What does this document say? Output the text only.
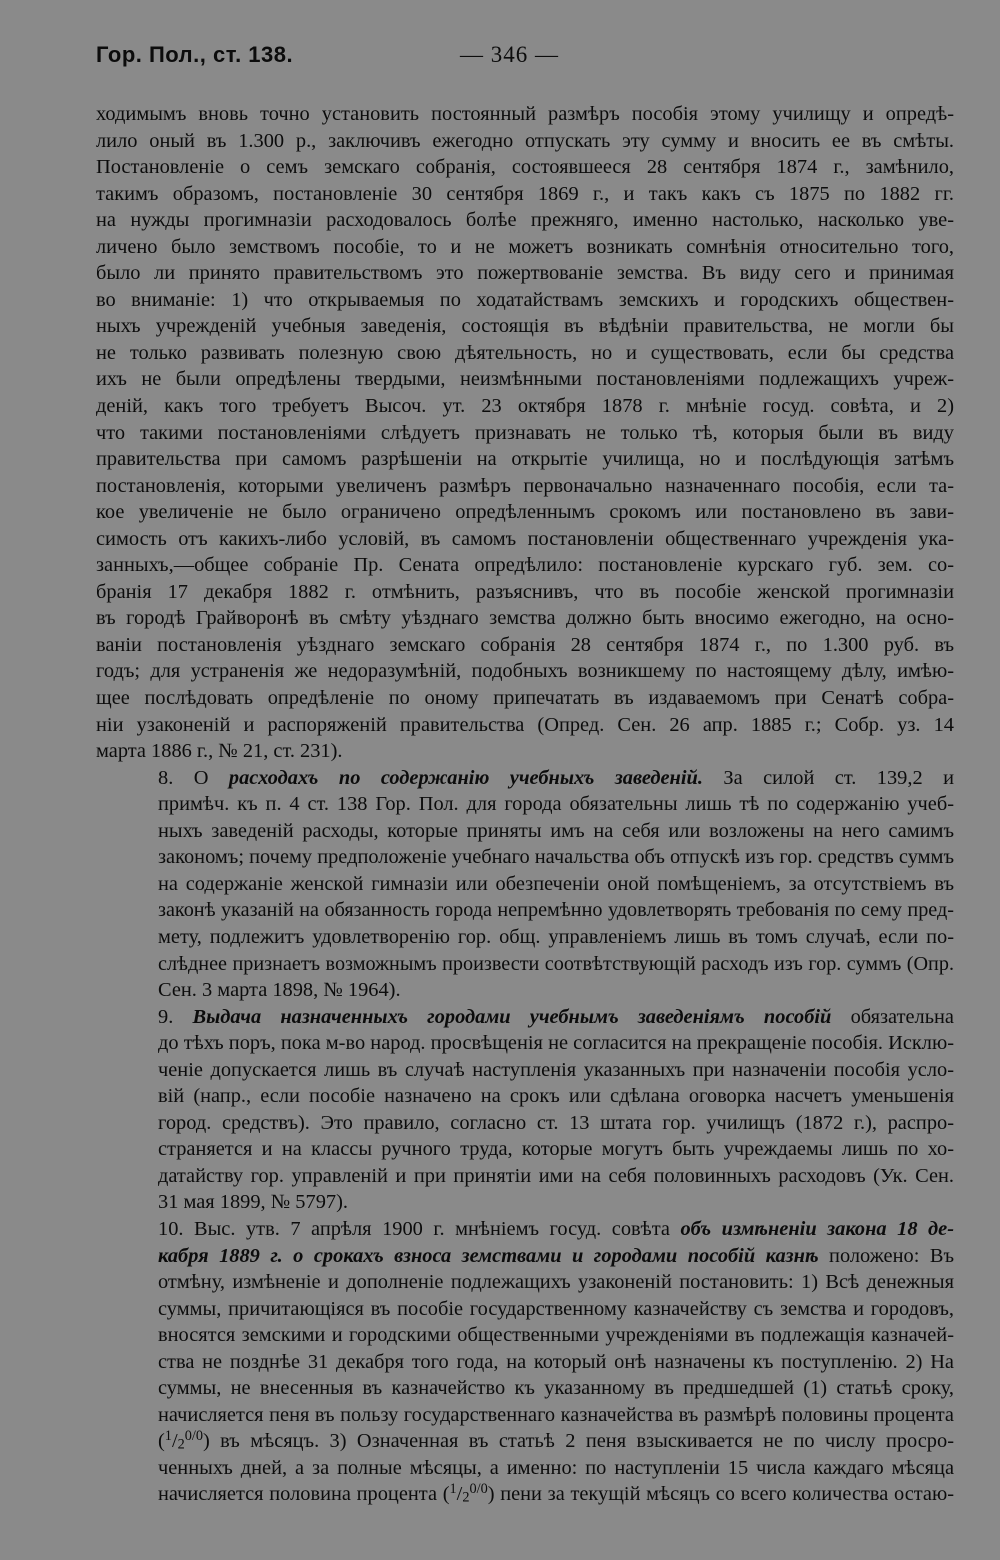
Гор. Пол., ст. 138.	— 346 —

ходимымъ вновь точно установить постоянный размѣръ пособія этому училищу и опредѣ-
лило оный въ 1.300 р., заключивъ ежегодно отпускать эту сумму и вносить ее въ смѣты.
Постановленіе о семъ земскаго собранія, состоявшееся 28 сентября 1874 г., замѣнило,
такимъ образомъ, постановленіе 30 сентября 1869 г., и такъ какъ съ 1875 по 1882 гг.
на нужды прогимназіи расходовалось болѣе прежняго, именно настолько, насколько уве-
личено было земствомъ пособіе, то и не можетъ возникать сомнѣнія относительно того,
было ли принято правительствомъ это пожертвованіе земства. Въ виду сего и принимая
во вниманіе: 1) что открываемыя по ходатайствамъ земскихъ и городскихъ обществен-
ныхъ учрежденій учебныя заведенія, состоящія въ вѣдѣніи правительства, не могли бы
не только развивать полезную свою дѣятельность, но и существовать, если бы средства
ихъ не были опредѣлены твердыми, неизмѣнными постановленіями подлежащихъ учреж-
деній, какъ того требуетъ Высоч. ут. 23 октября 1878 г. мнѣніе госуд. совѣта, и 2)
что такими постановленіями слѣдуетъ признавать не только тѣ, которыя были въ виду
правительства при самомъ разрѣшеніи на открытіе училища, но и послѣдующія затѣмъ
постановленія, которыми увеличенъ размѣръ первоначально назначеннаго пособія, если та-
кое увеличеніе не было ограничено опредѣленнымъ срокомъ или постановлено въ зави-
симость отъ какихъ-либо условій, въ самомъ постановленіи общественнаго учрежденія ука-
занныхъ,—общее собраніе Пр. Сената опредѣлило: постановленіе курскаго губ. зем. со-
бранія 17 декабря 1882 г. отмѣнить, разъяснивъ, что въ пособіе женской прогимназіи
въ городѣ Грайворонѣ въ смѣту уѣзднаго земства должно быть вносимо ежегодно, на осно-
ваніи постановленія уѣзднаго земскаго собранія 28 сентября 1874 г., по 1.300 руб. въ
годъ; для устраненія же недоразумѣній, подобныхъ возникшему по настоящему дѣлу, имѣю-
щее послѣдовать опредѣленіе по оному припечатать въ издаваемомъ при Сенатѣ собра-
ніи узаконеній и распоряженій правительства (Опред. Сен. 26 апр. 1885 г.; Собр. уз. 14
марта 1886 г., № 21, ст. 231).

8. О расходахъ по содержанію учебныхъ заведеній. За силой ст. 139,2 и
примѣч. къ п. 4 ст. 138 Гор. Пол. для города обязательны лишь тѣ по содержанію учеб-
ныхъ заведеній расходы, которые приняты имъ на себя или возложены на него самимъ
закономъ; почему предположеніе учебнаго начальства объ отпускѣ изъ гор. средствъ суммъ
на содержаніе женской гимназіи или обезпеченіи оной помѣщеніемъ, за отсутствіемъ въ
законѣ указаній на обязанность города непремѣнно удовлетворять требованія по сему пред-
мету, подлежитъ удовлетворенію гор. общ. управленіемъ лишь въ томъ случаѣ, если по-
слѣднее признаетъ возможнымъ произвести соотвѣтствующій расходъ изъ гор. суммъ (Опр.
Сен. 3 марта 1898, № 1964).

9. Выдача назначенныхъ городами учебнымъ заведеніямъ пособій обязательна
до тѣхъ поръ, пока м-во народ. просвѣщенія не согласится на прекращеніе пособія. Исклю-
ченіе допускается лишь въ случаѣ наступленія указанныхъ при назначеніи пособія усло-
вій (напр., если пособіе назначено на срокъ или сдѣлана оговорка насчетъ уменьшенія
город. средствъ). Это правило, согласно ст. 13 штата гор. училищъ (1872 г.), распро-
страняется и на классы ручного труда, которые могутъ быть учреждаемы лишь по хо-
датайству гор. управленій и при принятіи ими на себя половинныхъ расходовъ (Ук. Сен.
31 мая 1899, № 5797).

10. Выс. утв. 7 апрѣля 1900 г. мнѣніемъ госуд. совѣта объ измѣненіи закона 18 де-
кабря 1889 г. о срокахъ взноса земствами и городами пособій казнѣ положено: Въ
отмѣну, измѣненіе и дополненіе подлежащихъ узаконеній постановить: 1) Всѣ денежныя
суммы, причитающіяся въ пособіе государственному казначейству съ земства и городовъ,
вносятся земскими и городскими общественными учрежденіями въ подлежащія казначей-
ства не позднѣе 31 декабря того года, на который онѣ назначены къ поступленію. 2) На
суммы, не внесенныя въ казначейство къ указанному въ предшедшей (1) статьѣ сроку,
начисляется пеня въ пользу государственнаго казначейства въ размѣрѣ половины процента
$(^1/_2^{0/0})$ въ мѣсяцъ. 3) Означенная въ статьѣ 2 пеня взыскивается не по числу просро-
ченныхъ дней, а за полные мѣсяцы, а именно: по наступленіи 15 числа каждаго мѣсяца
начисляется половина процента $(^1/_2^{0/0})$ пени за текущій мѣсяцъ со всего количества остаю-
